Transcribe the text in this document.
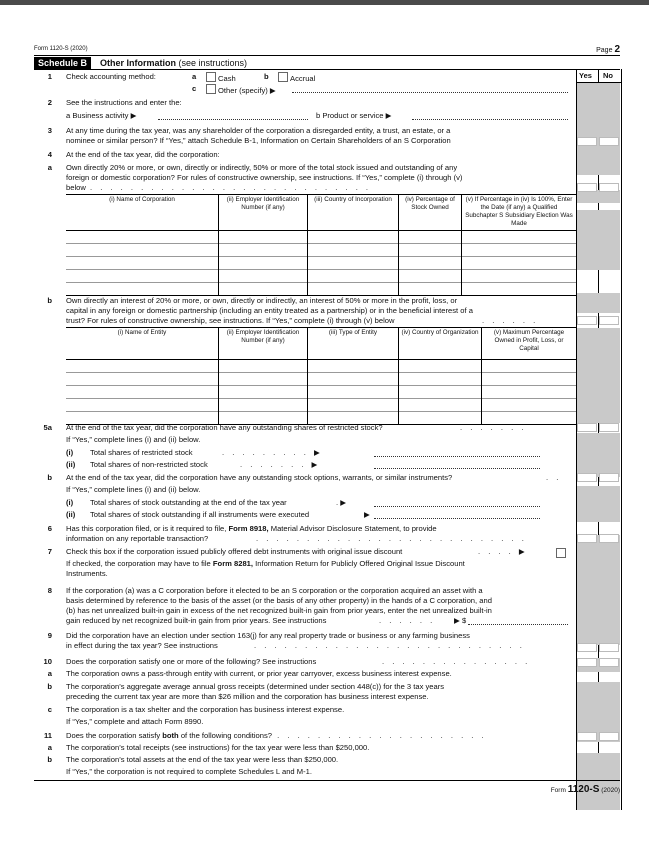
Form 1120-S (2020)	Page 2
Schedule B	Other Information (see instructions)
Yes No
1 Check accounting method:	a	Cash	b	Accrual
c	Other (specify) ▶
2 See the instructions and enter the:
a Business activity ▶	b Product or service ▶
3 At any time during the tax year, was any shareholder of the corporation a disregarded entity, a trust, an estate, or a
nominee or similar person? If “Yes,” attach Schedule B-1, Information on Certain Shareholders of an S Corporation
4 At the end of the tax year, did the corporation:
a Own directly 20% or more, or own, directly or indirectly, 50% or more of the total stock issued and outstanding of any
foreign or domestic corporation? For rules of constructive ownership, see instructions. If “Yes,” complete (i) through (v)
below . . . . . . . . . . . . . . . . . . . . . . . . . . . .
(i) Name of Corporation	(ii) Employer Identification Number (if any)	(iii) Country of Incorporation	(iv) Percentage of Stock Owned	(v) If Percentage in (iv) Is 100%, Enter the Date (if any) a Qualified Subchapter S Subsidiary Election Was Made

b Own directly an interest of 20% or more, or own, directly or indirectly, an interest of 50% or more in the profit, loss, or
capital in any foreign or domestic partnership (including an entity treated as a partnership) or in the beneficial interest of a
trust? For rules of constructive ownership, see instructions. If “Yes,” complete (i) through (v) below	. . . . . .
(i) Name of Entity	(ii) Employer Identification Number (if any)	(iii) Type of Entity	(iv) Country of Organization	(v) Maximum Percentage Owned in Profit, Loss, or Capital

5a At the end of the tax year, did the corporation have any outstanding shares of restricted stock?	. . . . . . .
If “Yes,” complete lines (i) and (ii) below.
(i) Total shares of restricted stock	. . . . . . . . . ▶
(ii) Total shares of non-restricted stock	. . . . . . . ▶
b At the end of the tax year, did the corporation have any outstanding stock options, warrants, or similar instruments?	. .
If “Yes,” complete lines (i) and (ii) below.
(i) Total shares of stock outstanding at the end of the tax year	. ▶
(ii) Total shares of stock outstanding if all instruments were executed	▶
6 Has this corporation filed, or is it required to file, Form 8918, Material Advisor Disclosure Statement, to provide
information on any reportable transaction?	. . . . . . . . . . . . . . . . . . . . . . . . . . .
7 Check this box if the corporation issued publicly offered debt instruments with original issue discount	. . . . ▶
If checked, the corporation may have to file Form 8281, Information Return for Publicly Offered Original Issue Discount
Instruments.
8 If the corporation (a) was a C corporation before it elected to be an S corporation or the corporation acquired an asset with a
basis determined by reference to the basis of the asset (or the basis of any other property) in the hands of a C corporation, and
(b) has net unrealized built-in gain in excess of the net recognized built-in gain from prior years, enter the net unrealized built-in
gain reduced by net recognized built-in gain from prior years. See instructions	. . . . . . ▶ $
9 Did the corporation have an election under section 163(j) for any real property trade or business or any farming business
in effect during the tax year? See instructions	. . . . . . . . . . . . . . . . . . . . . . . . . . .
10 Does the corporation satisfy one or more of the following? See instructions	. . . . . . . . . . . . . . .
a The corporation owns a pass-through entity with current, or prior year carryover, excess business interest expense.
b The corporation’s aggregate average annual gross receipts (determined under section 448(c)) for the 3 tax years
preceding the current tax year are more than $26 million and the corporation has business interest expense.
c The corporation is a tax shelter and the corporation has business interest expense.
If “Yes,” complete and attach Form 8990.
11 Does the corporation satisfy both of the following conditions? . . . . . . . . . . . . . . . . . . . . .
a The corporation’s total receipts (see instructions) for the tax year were less than $250,000.
b The corporation’s total assets at the end of the tax year were less than $250,000.
If “Yes,” the corporation is not required to complete Schedules L and M-1.
Form 1120-S (2020)
